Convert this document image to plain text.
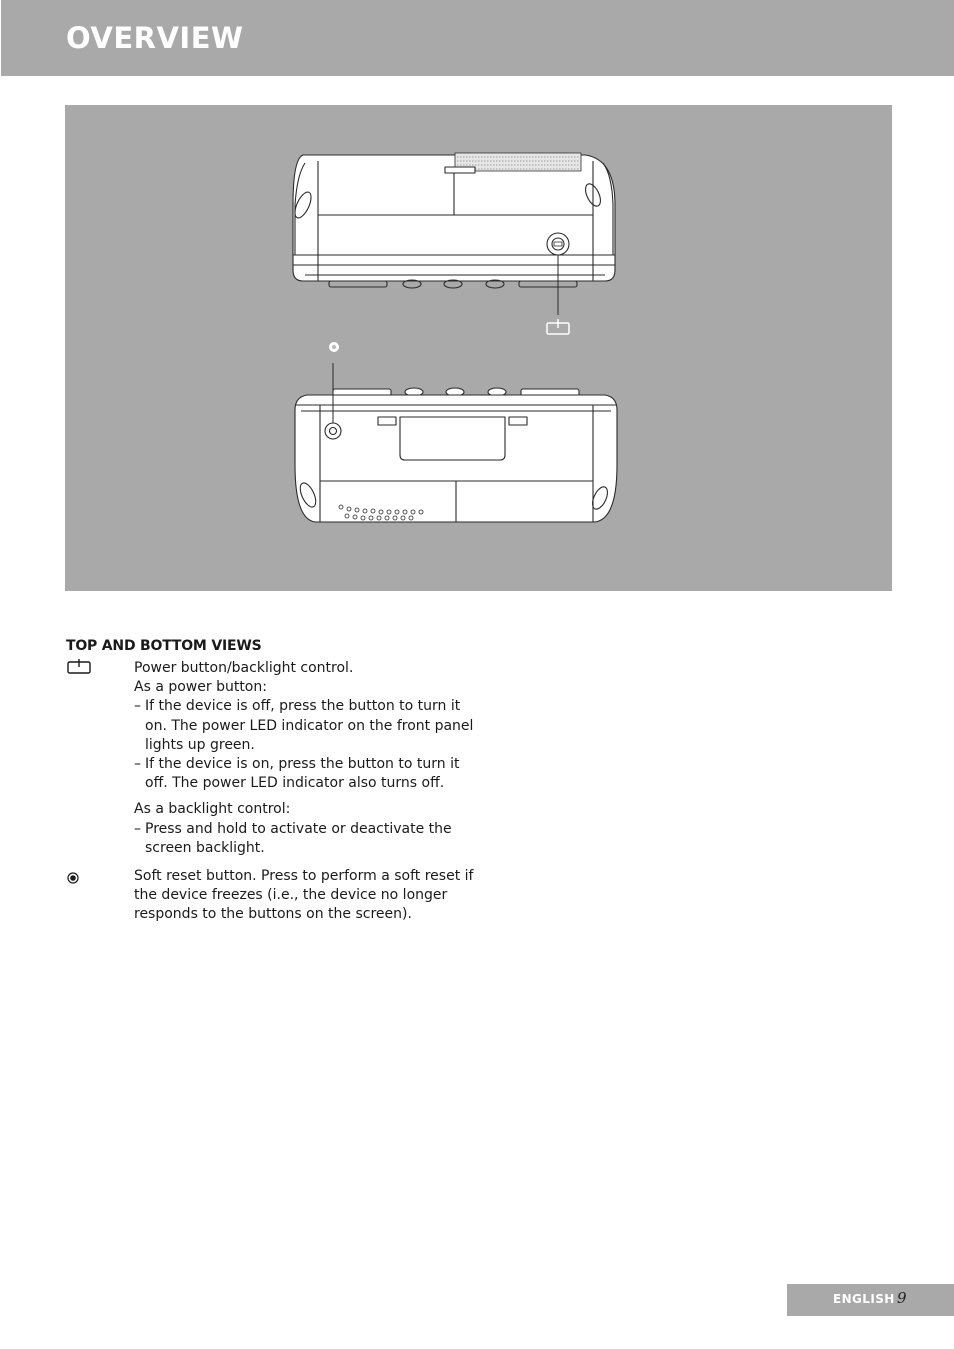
OVERVIEW
TOP AND BOTTOM VIEWS

Power button/backlight control.

As a power button:

– If the device is off, press the button to turn it on. The power LED indicator on the front panel lights up green.
– If the device is on, press the button to turn it off. The power LED indicator also turns off.

As a backlight control:

– Press and hold to activate or deactivate the screen backlight.

Soft reset button. Press to perform a soft reset if the device freezes (i.e., the device no longer responds to the buttons on the screen).

ENGLISH 9
